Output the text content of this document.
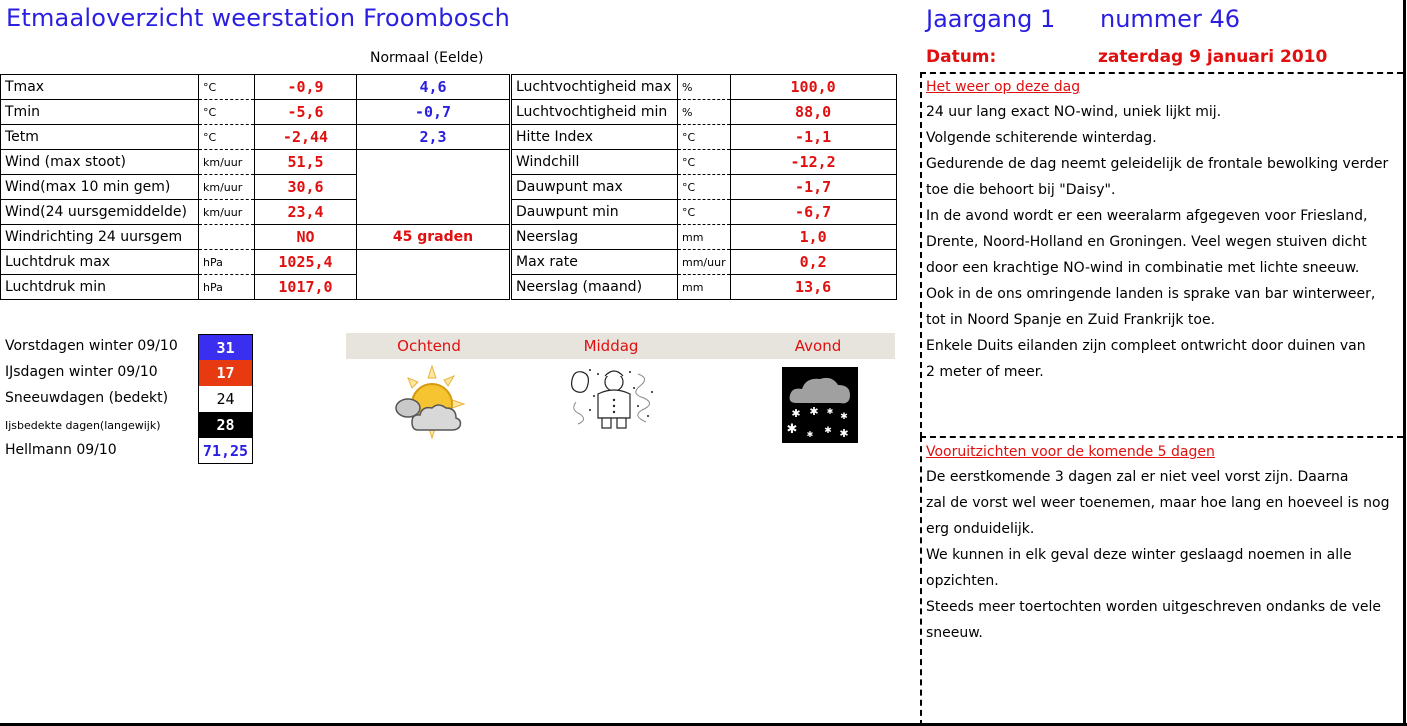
Etmaaloverzicht weerstation Froombosch
Normaal (Eelde)
Tmax	°C	-0,9	4,6
Tmin	°C	-5,6	-0,7
Tetm	°C	-2,44	2,3
Wind (max stoot)	km/uur	51,5	
Wind(max 10 min gem)	km/uur	30,6	
Wind(24 uursgemiddelde)	km/uur	23,4	
Windrichting 24 uursgem		NO	45 graden
Luchtdruk max	hPa	1025,4	
Luchtdruk min	hPa	1017,0	
Luchtvochtigheid max	%	100,0
Luchtvochtigheid min	%	88,0
Hitte Index	°C	-1,1
Windchill	°C	-12,2
Dauwpunt max	°C	-1,7
Dauwpunt min	°C	-6,7
Neerslag	mm	1,0
Max rate	mm/uur	0,2
Neerslag (maand)	mm	13,6
Vorstdagen winter 09/10	31
IJsdagen winter 09/10	17
Sneeuwdagen (bedekt)	24
Ijsbedekte dagen(langewijk)	28
Hellmann 09/10	71,25
Ochtend	Middag	Avond
✱ ✱ ✱
✱
✱ ✱ ✱ ✱
Jaargang 1 nummer 46
Datum:	zaterdag 9 januari 2010
Het weer op deze dag
24 uur lang exact NO-wind, uniek lijkt mij.
Volgende schiterende winterdag.
Gedurende de dag neemt geleidelijk de frontale bewolking verder
toe die behoort bij "Daisy".
In de avond wordt er een weeralarm afgegeven voor Friesland,
Drente, Noord-Holland en Groningen. Veel wegen stuiven dicht
door een krachtige NO-wind in combinatie met lichte sneeuw.
Ook in de ons omringende landen is sprake van bar winterweer,
tot in Noord Spanje en Zuid Frankrijk toe.
Enkele Duits eilanden zijn compleet ontwricht door duinen van
2 meter of meer.
Vooruitzichten voor de komende 5 dagen
De eerstkomende 3 dagen zal er niet veel vorst zijn. Daarna
zal de vorst wel weer toenemen, maar hoe lang en hoeveel is nog
erg onduidelijk.
We kunnen in elk geval deze winter geslaagd noemen in alle
opzichten.
Steeds meer toertochten worden uitgeschreven ondanks de vele
sneeuw.
